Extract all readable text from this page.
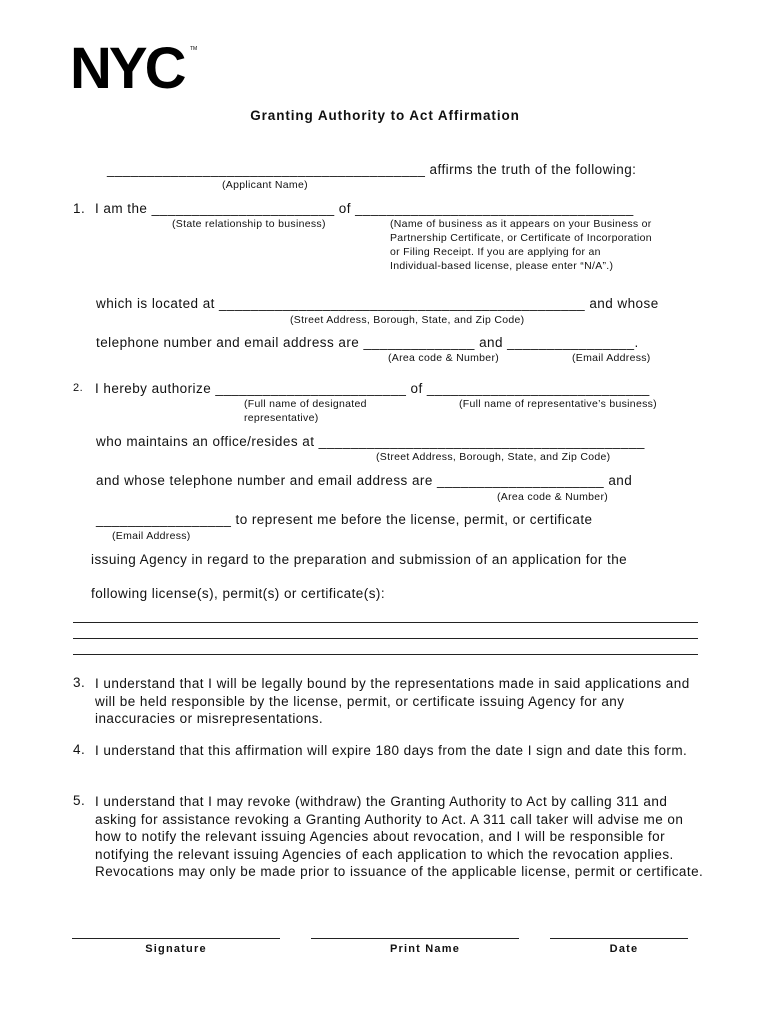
NYC	TM
Granting Authority to Act Affirmation
________________________________________ affirms the truth of the following:
(Applicant Name)
1. I am the _______________________ of ___________________________________
(State relationship to business)	(Name of business as it appears on your Business or
Partnership Certificate, or Certificate of Incorporation
or Filing Receipt. If you are applying for an
Individual-based license, please enter “N/A”.)
which is located at ______________________________________________ and whose
(Street Address, Borough, State, and Zip Code)
telephone number and email address are ______________ and ________________.
(Area code & Number)	(Email Address)
2. I hereby authorize ________________________ of ____________________________
(Full name of designated
representative)
(Full name of representative’s business)
who maintains an office/resides at _________________________________________
(Street Address, Borough, State, and Zip Code)
and whose telephone number and email address are _____________________ and
(Area code & Number)
_________________ to represent me before the license, permit, or certificate
(Email Address)
issuing Agency in regard to the preparation and submission of an application for the
following license(s), permit(s) or certificate(s):
3. I understand that I will be legally bound by the representations made in said applications and will be held responsible by the license, permit, or certificate issuing Agency for any inaccuracies or misrepresentations.
4. I understand that this affirmation will expire 180 days from the date I sign and date this form.
5. I understand that I may revoke (withdraw) the Granting Authority to Act by calling 311 and asking for assistance revoking a Granting Authority to Act. A 311 call taker will advise me on how to notify the relevant issuing Agencies about revocation, and I will be responsible for notifying the relevant issuing Agencies of each application to which the revocation applies. Revocations may only be made prior to issuance of the applicable license, permit or certificate.
Signature	Print Name	Date
